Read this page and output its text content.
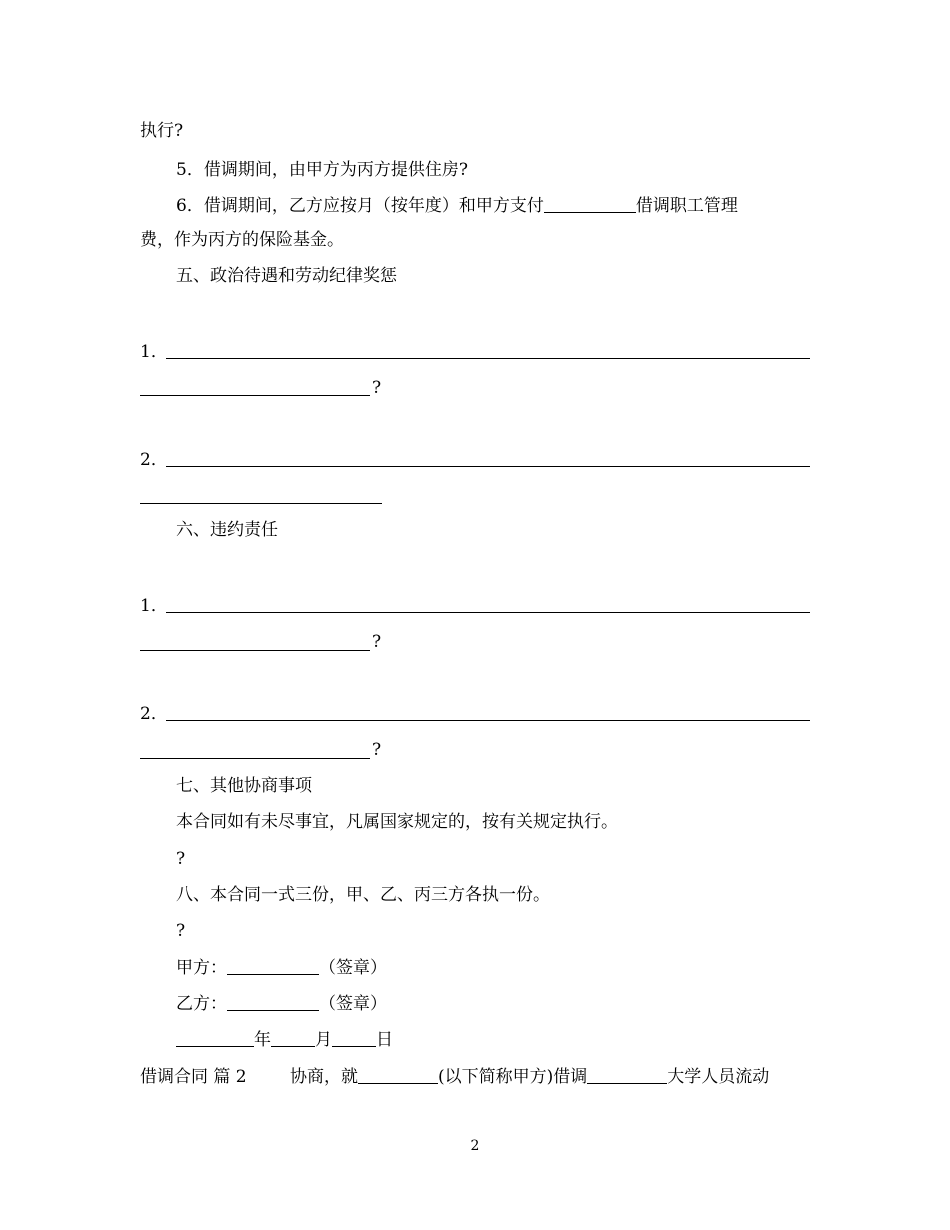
执行?
5．借调期间，由甲方为丙方提供住房?
6．借调期间，乙方应按月（按年度）和甲方支付	借调职工管理
费，作为丙方的保险基金。
五、政治待遇和劳动纪律奖惩
1．
?
2．
六、违约责任
1．
?
2．
?
七、其他协商事项
本合同如有未尽事宜，凡属国家规定的，按有关规定执行。
?
八、本合同一式三份，甲、乙、丙三方各执一份。
?
甲方：	（签章）
乙方：	（签章）
年	月	日
借调合同 篇 2	协商，就	(以下简称甲方)借调	大学人员流动
2
